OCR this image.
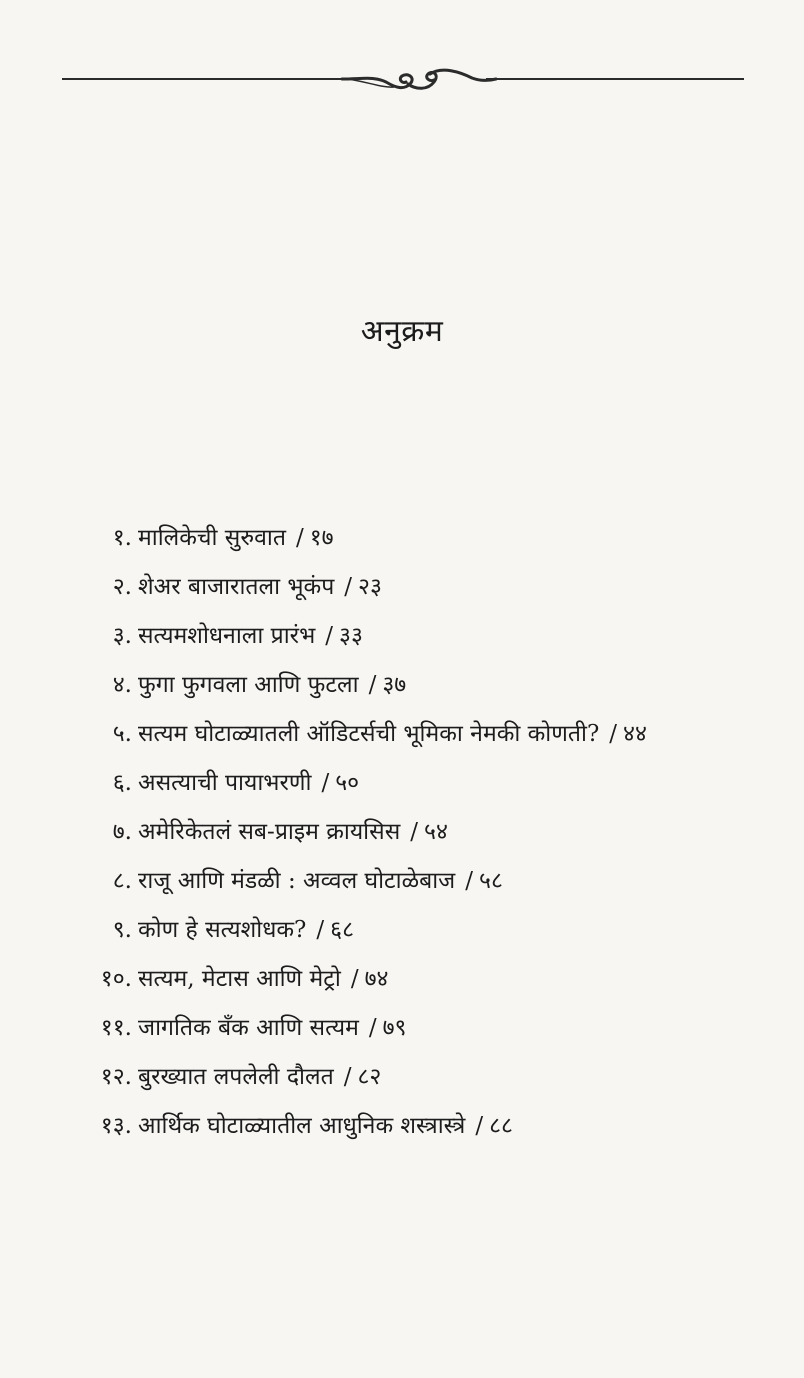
अनुक्रम
१. मालिकेची सुरुवात / १७
२. शेअर बाजारातला भूकंप / २३
३. सत्यमशोधनाला प्रारंभ / ३३
४. फुगा फुगवला आणि फुटला / ३७
५. सत्यम घोटाळ्यातली ऑडिटर्सची भूमिका नेमकी कोणती? / ४४
६. असत्याची पायाभरणी / ५०
७. अमेरिकेतलं सब-प्राइम क्रायसिस / ५४
८. राजू आणि मंडळी : अव्वल घोटाळेबाज / ५८
९. कोण हे सत्यशोधक? / ६८
१०. सत्यम, मेटास आणि मेट्रो / ७४
११. जागतिक बँक आणि सत्यम / ७९
१२. बुरख्यात लपलेली दौलत / ८२
१३. आर्थिक घोटाळ्यातील आधुनिक शस्त्रास्त्रे / ८८
